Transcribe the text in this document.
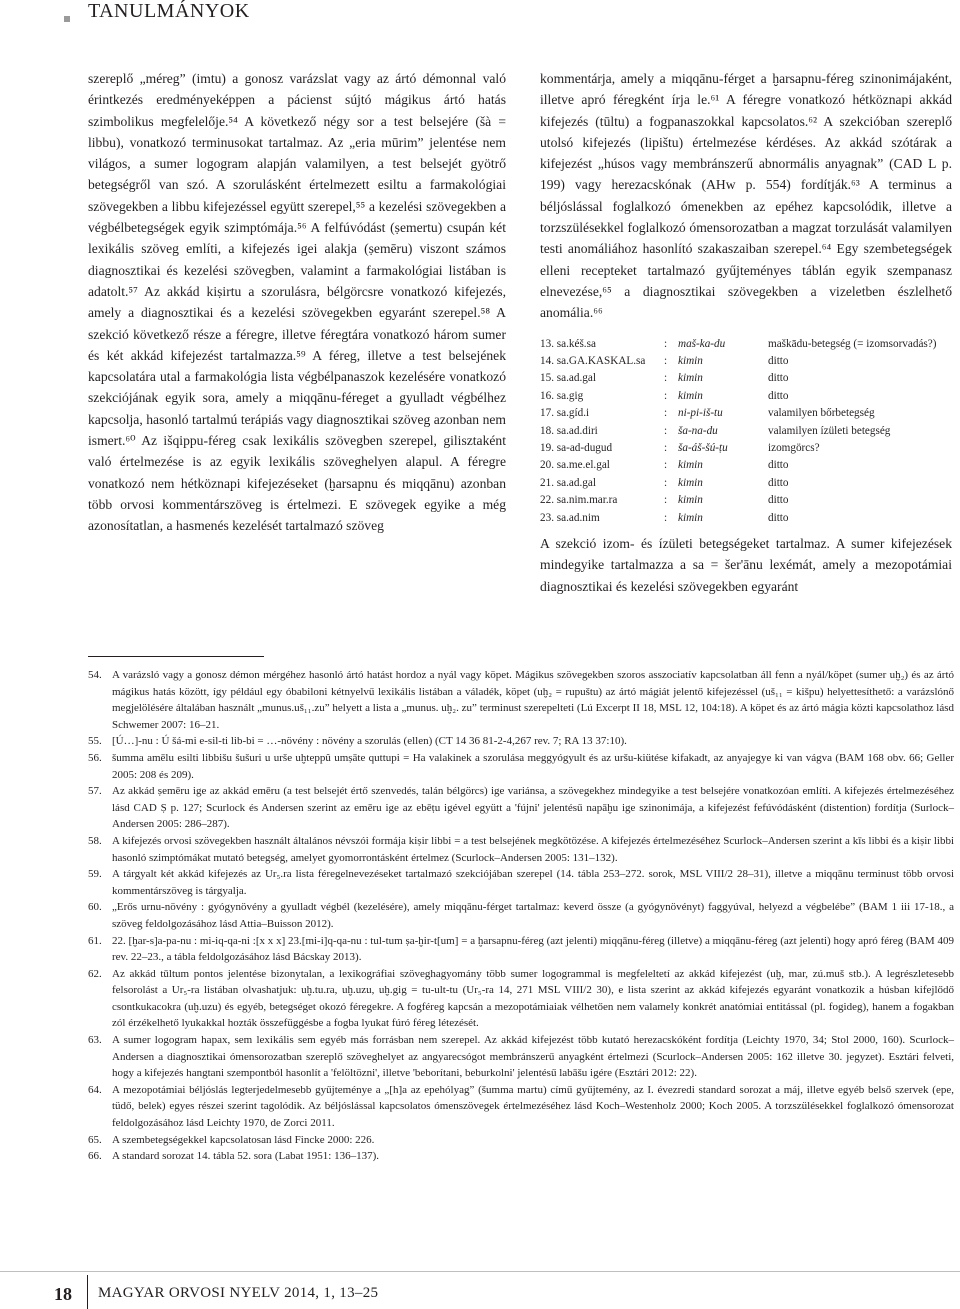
TANULMÁNYOK

szereplő „méreg” (imtu) a gonosz varázslat vagy az ártó démonnal való érintkezés eredményeképpen a pácienst sújtó mágikus ártó hatás szimbolikus megfelelője.⁵⁴ A következő négy sor a test belsejére (šà = libbu), vonatkozó terminusokat tartalmaz. Az „eria mūrim” jelentése nem világos, a sumer logogram alapján valamilyen, a test belsejét gyötrő betegségről van szó. A szorulásként értelmezett esiltu a farmakológiai szövegekben a libbu kifejezéssel együtt szerepel,⁵⁵ a kezelési szövegekben a végbélbetegségek egyik szimptómája.⁵⁶ A felfúvódást (ṣemertu) csupán két lexikális szöveg említi, a kifejezés igei alakja (ṣemēru) viszont számos diagnosztikai és kezelési szövegben, valamint a farmakológiai listában is adatolt.⁵⁷ Az akkád kiṣirtu a szorulásra, bélgörcsre vonatkozó kifejezés, amely a diagnosztikai és a kezelési szövegekben egyaránt szerepel.⁵⁸ A szekció következő része a féregre, illetve féregtára vonatkozó három sumer és két akkád kifejezést tartalmazza.⁵⁹ A féreg, illetve a test belsejének kapcsolatára utal a farmakológia lista végbélpanaszok kezelésére vonatkozó szekciójának egyik sora, amely a miqqānu-féreget a gyulladt végbélhez kapcsolja, hasonló tartalmú terápiás vagy diagnosztikai szöveg azonban nem ismert.⁶⁰ Az išqippu-féreg csak lexikális szövegben szerepel, gilisztaként való értelmezése is az egyik lexikális szöveghelyen alapul. A féregre vonatkozó nem hétköznapi kifejezéseket (ḫarsapnu és miqqānu) azonban több orvosi kommentárszöveg is értelmezi. E szövegek egyike a még azonosítatlan, a hasmenés kezelését tartalmazó szöveg

kommentárja, amely a miqqānu-férget a ḫarsapnu-féreg szinonimájaként, illetve apró féregként írja le.⁶¹ A féregre vonatkozó hétköznapi akkád kifejezés (tūltu) a fogpanaszokkal kapcsolatos.⁶² A szekcióban szereplő utolsó kifejezés (lipištu) értelmezése kérdéses. Az akkád szótárak a kifejezést „húsos vagy membránszerű abnormális anyagnak” (CAD L p. 199) vagy herezacskónak (AHw p. 554) fordítják.⁶³ A terminus a béljóslással foglalkozó ómenekben az epéhez kapcsolódik, illetve a torzszülésekkel foglalkozó ómensorozatban a magzat torzulását valamilyen testi anomáliához hasonlító szakaszaiban szerepel.⁶⁴ Egy szembetegségek elleni recepteket tartalmazó gyűjteményes táblán egyik szempanasz elnevezése,⁶⁵ a diagnosztikai szövegekben a vizeletben észlelhető anomália.⁶⁶

13. sa.kéš.sa	:	maš-ka-du	maškādu-betegség (= izomsorvadás?)
14. sa.GA.KASKAL.sa	:	kimin	ditto
15. sa.ad.gal	:	kimin	ditto
16. sa.gig	:	kimin	ditto
17. sa.gíd.i	:	ni-pi-iš-tu	valamilyen bőrbetegség
18. sa.ad.diri	:	ša-na-du	valamilyen ízületi betegség
19. sa-ad-dugud	:	ša-áš-šú-ṭu	izomgörcs?
20. sa.me.el.gal	:	kimin	ditto
21. sa.ad.gal	:	kimin	ditto
22. sa.nim.mar.ra	:	kimin	ditto
23. sa.ad.nim	:	kimin	ditto

A szekció izom- és ízületi betegségeket tartalmaz. A sumer kifejezések mindegyike tartalmazza a sa = šer'ānu lexémát, amely a mezopotámiai diagnosztikai és kezelési szövegekben egyaránt

54. A varázsló vagy a gonosz démon mérgéhez hasonló ártó hatást hordoz a nyál vagy köpet. Mágikus szövegekben szoros asszociatív kapcsolatban áll fenn a nyál/köpet (sumer uḫ₂) és az ártó mágikus hatás között, így például egy óbabiloni kétnyelvű lexikális listában a váladék, köpet (uḫ₂ = rupuštu) az ártó mágiát jelentő kifejezéssel (uš₁₁ = kišpu) helyettesíthető: a varázslónő megjelölésére általában használt „munus.uš₁₁.zu” helyett a lista a „munus. uḫ₂. zu” terminust szerepelteti (Lú Excerpt II 18, MSL 12, 104:18). A köpet és az ártó mágia közti kapcsolathoz lásd Schwemer 2007: 16–21.
55. [Ú…]-nu : Ú šá-mi e-sil-ti lib-bi = …-növény : növény a szorulás (ellen) (CT 14 36 81-2-4,267 rev. 7; RA 13 37:10).
56. šumma amēlu esilti libbišu šušuri u urše uḫteppû umṣāte quttupi = Ha valakinek a szorulása meggyógyult és az uršu-kiütése kifakadt, az anyajegye ki van vágva (BAM 168 obv. 66; Geller 2005: 208 és 209).
57. Az akkád ṣemēru ige az akkád emēru (a test belsejét értő szenvedés, talán bélgörcs) ige variánsa, a szövegekhez mindegyike a test belsejére vonatkozóan említi. A kifejezés értelmezéséhez lásd CAD Ṣ p. 127; Scurlock és Andersen szerint az emēru ige az ebēṭu igével együtt a 'fújni' jelentésű napāḫu ige szinonimája, a kifejezést fefúvódásként (distention) fordítja (Surlock–Andersen 2005: 286–287).
58. A kifejezés orvosi szövegekben használt általános névszói formája kiṣir libbi = a test belsejének megkötözése. A kifejezés értelmezéséhez Scurlock–Andersen szerint a kīs libbi és a kiṣir libbi hasonló szimptómákat mutató betegség, amelyet gyomorrontásként értelmez (Scurlock–Andersen 2005: 131–132).
59. A tárgyalt két akkád kifejezés az Ur₅.ra lista féregelnevezéseket tartalmazó szekciójában szerepel (14. tábla 253–272. sorok, MSL VIII/2 28–31), illetve a miqqānu terminust több orvosi kommentárszöveg is tárgyalja.
60. „Erős urnu-növény : gyógynövény a gyulladt végbél (kezelésére), amely miqqānu-férget tartalmaz: keverd össze (a gyógynövényt) faggyúval, helyezd a végbelébe” (BAM 1 iii 17-18., a szöveg feldolgozásához lásd Attia–Buisson 2012).
61. 22. [ḫar-s]a-pa-nu : mi-iq-qa-ni :[x x x] 23.[mi-i]q-qa-nu : tul-tum ṣa-ḫir-t[um] = a ḫarsapnu-féreg (azt jelenti) miqqānu-féreg (illetve) a miqqānu-féreg (azt jelenti) hogy apró féreg (BAM 409 rev. 22–23., a tábla feldolgozásához lásd Bácskay 2013).
62. Az akkád tūltum pontos jelentése bizonytalan, a lexikográfiai szöveghagyomány több sumer logogrammal is megfeleltetí az akkád kifejezést (uḫ, mar, zú.muš stb.). A legrészletesebb felsorolást a Ur₅-ra listában olvashatjuk: uḫ.tu.ra, uḫ.uzu, uḫ.gig = tu-ult-tu (Ur₅-ra 14, 271 MSL VIII/2 30), e lista szerint az akkád kifejezés egyaránt vonatkozik a húsban kifejlődő csontkukacokra (uḫ.uzu) és egyéb, betegséget okozó féregekre. A fogféreg kapcsán a mezopotámiaiak vélhetően nem valamely konkrét anatómiai entitással (pl. fogideg), hanem a fogakban zól érzékelhető lyukakkal hozták összefüggésbe a fogba lyukat fúró féreg létezését.
63. A sumer logogram hapax, sem lexikális sem egyéb más forrásban nem szerepel. Az akkád kifejezést több kutató herezacskóként fordítja (Leichty 1970, 34; Stol 2000, 160). Scurlock–Andersen a diagnosztikai ómensorozatban szereplő szöveghelyet az angyarecsógot membránszerű anyagként értelmezi (Scurlock–Andersen 2005: 162 illetve 30. jegyzet). Esztári felveti, hogy a kifejezés hangtani szempontból hasonlít a 'felöltözni', illetve 'beborítani, beburkolni' jelentésű labāšu igére (Esztári 2012: 22).
64. A mezopotámiai béljóslás legterjedelmesebb gyűjteménye a „[h]a az epehólyag” (šumma martu) című gyűjtemény, az I. évezredi standard sorozat a máj, illetve egyéb belső szervek (epe, tüdő, belek) egyes részei szerint tagolódik. Az béljóslással kapcsolatos ómenszövegek értelmezéséhez lásd Koch–Westenholz 2000; Koch 2005. A torzszülésekkel foglalkozó ómensorozat feldolgozásához lásd Leichty 1970, de Zorci 2011.
65. A szembetegségekkel kapcsolatosan lásd Fincke 2000: 226.
66. A standard sorozat 14. tábla 52. sora (Labat 1951: 136–137).
18 MAGYAR ORVOSI NYELV 2014, 1, 13–25
